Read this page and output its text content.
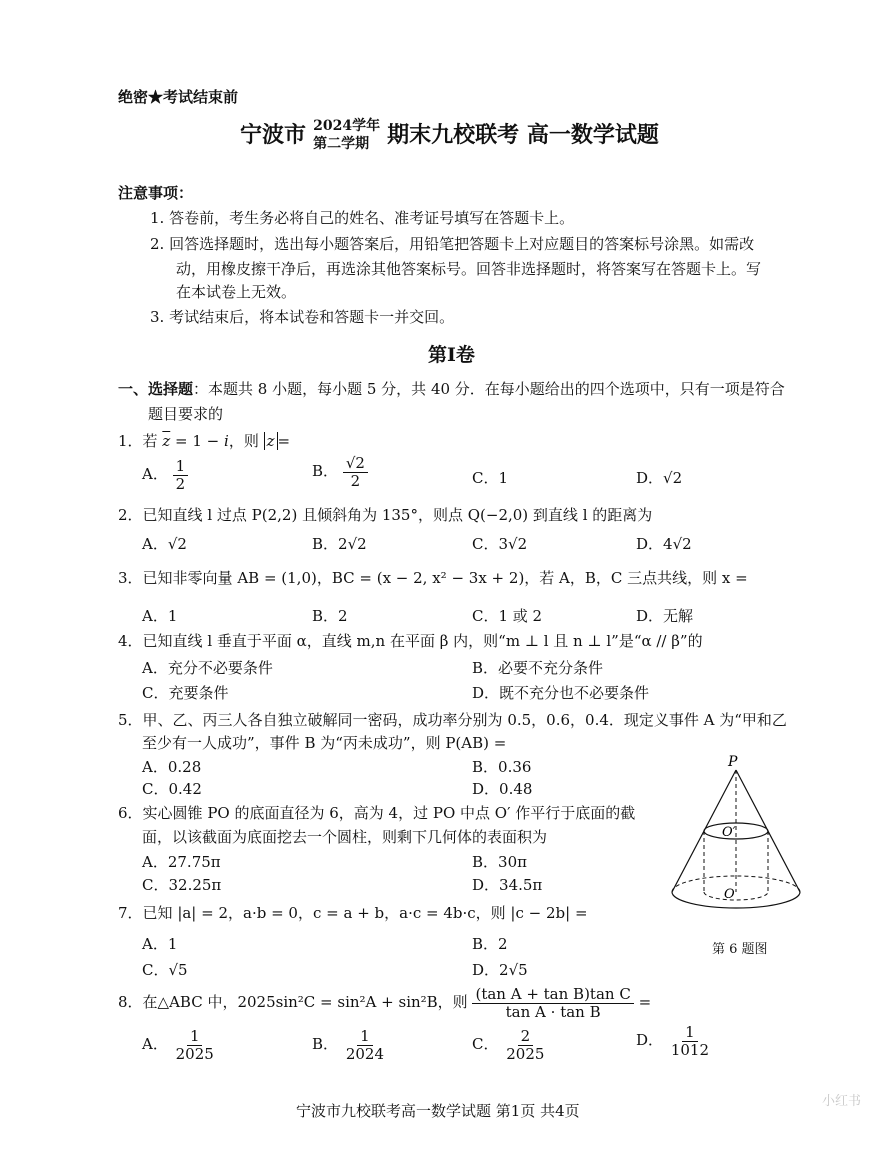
绝密★考试结束前
宁波市 2024学年
第二学期 期末九校联考 高一数学试题
注意事项：
1. 答卷前，考生务必将自己的姓名、准考证号填写在答题卡上。
2. 回答选择题时，选出每小题答案后，用铅笔把答题卡上对应题目的答案标号涂黑。如需改
动，用橡皮擦干净后，再选涂其他答案标号。回答非选择题时，将答案写在答题卡上。写
在本试卷上无效。
3. 考试结束后，将本试卷和答题卡一并交回。
第Ⅰ卷
一、选择题：本题共 8 小题，每小题 5 分，共 40 分．在每小题给出的四个选项中，只有一项是符合
题目要求的
1．若 $\overline{z} = 1 - i$，则 z =
A． $\frac{1}{2}$	B． $\frac{√2}{2}$	C．1	D．√2
2．已知直线 l 过点 P(2,2) 且倾斜角为 135°，则点 Q(−2,0) 到直线 l 的距离为
A．√2	B．2√2	C．3√2	D．4√2
3．已知非零向量 AB = (1,0)，BC = (x − 2, x² − 3x + 2)，若 A，B，C 三点共线，则 x =
A．1	B．2	C．1 或 2	D．无解
4．已知直线 l 垂直于平面 α，直线 m,n 在平面 β 内，则“m ⊥ l 且 n ⊥ l”是“α // β”的
A．充分不必要条件	B．必要不充分条件
C．充要条件	D．既不充分也不必要条件
5．甲、乙、丙三人各自独立破解同一密码，成功率分别为 0.5，0.6，0.4．现定义事件 A 为“甲和乙
至少有一人成功”，事件 B 为“丙未成功”，则 P(AB) =
A．0.28	B．0.36
C．0.42	D．0.48
6．实心圆锥 PO 的底面直径为 6，高为 4，过 PO 中点 O′ 作平行于底面的截
面，以该截面为底面挖去一个圆柱，则剩下几何体的表面积为
A．27.75π	B．30π
C．32.25π	D．34.5π
P
O′
O
第 6 题图
7．已知 |a| = 2，a·b = 0，c = a + b，a·c = 4b·c，则 |c − 2b| =
A．1	B．2
C．√5	D．2√5
8．在△ABC 中，2025sin²C = sin²A + sin²B，则 $\frac{\text{(tan A + tan B)tan C}}{\text{tan A · tan B}}$ =
A． $\frac{1}{2025}$	B． $\frac{1}{2024}$	C． $\frac{2}{2025}$	D． $\frac{1}{1012}$
宁波市九校联考高一数学试题 第1页 共4页
小红书
